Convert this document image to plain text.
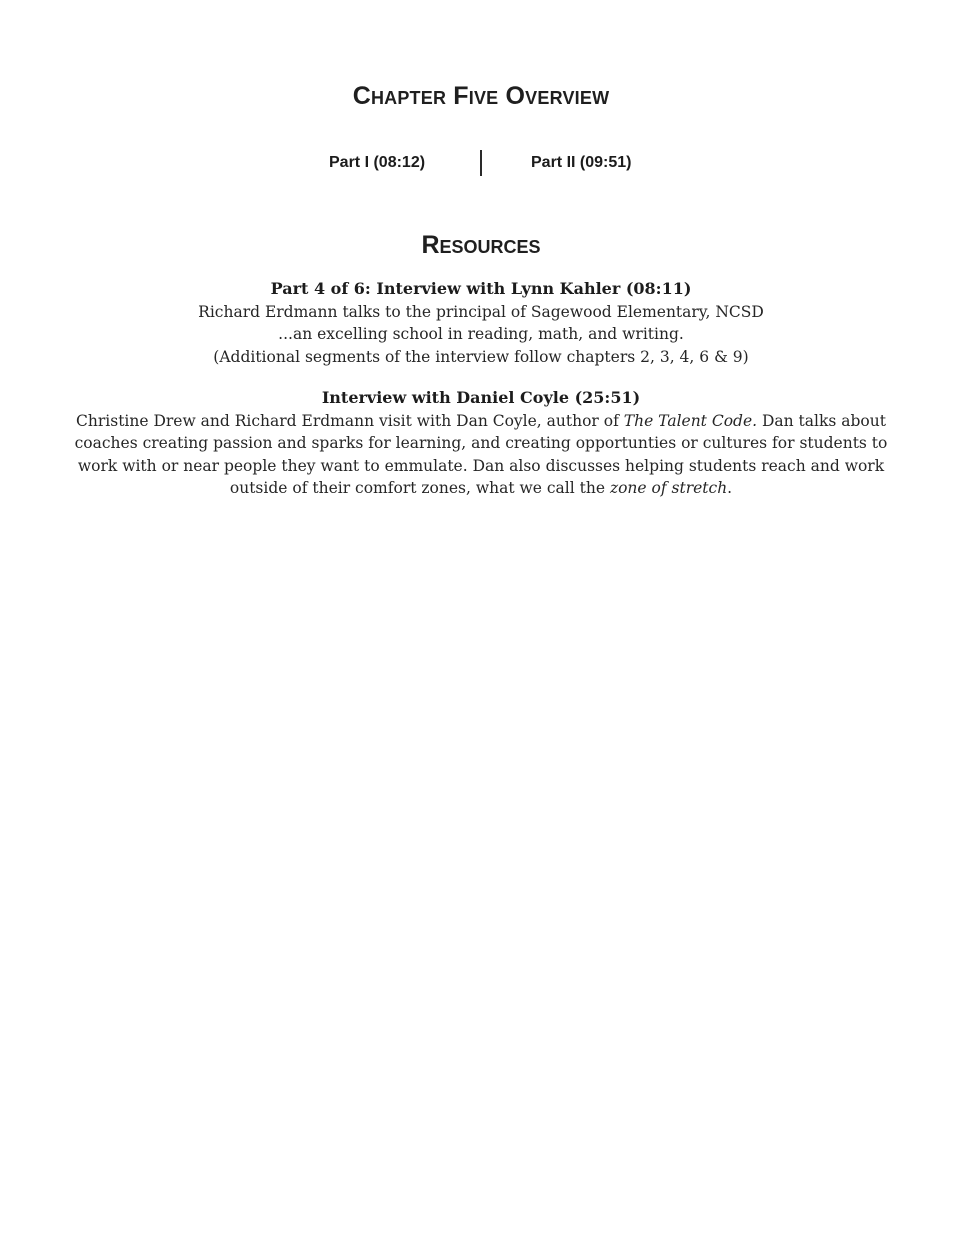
Chapter Five Overview
Part I (08:12)	Part II (09:51)
Resources
Part 4 of 6: Interview with Lynn Kahler (08:11)
Richard Erdmann talks to the principal of Sagewood Elementary, NCSD
...an excelling school in reading, math, and writing.
(Additional segments of the interview follow chapters 2, 3, 4, 6 & 9)
Interview with Daniel Coyle (25:51)
Christine Drew and Richard Erdmann visit with Dan Coyle, author of The Talent Code. Dan talks about coaches creating passion and sparks for learning, and creating opportunties or cultures for students to work with or near people they want to emmulate. Dan also discusses helping students reach and work outside of their comfort zones, what we call the zone of stretch.
